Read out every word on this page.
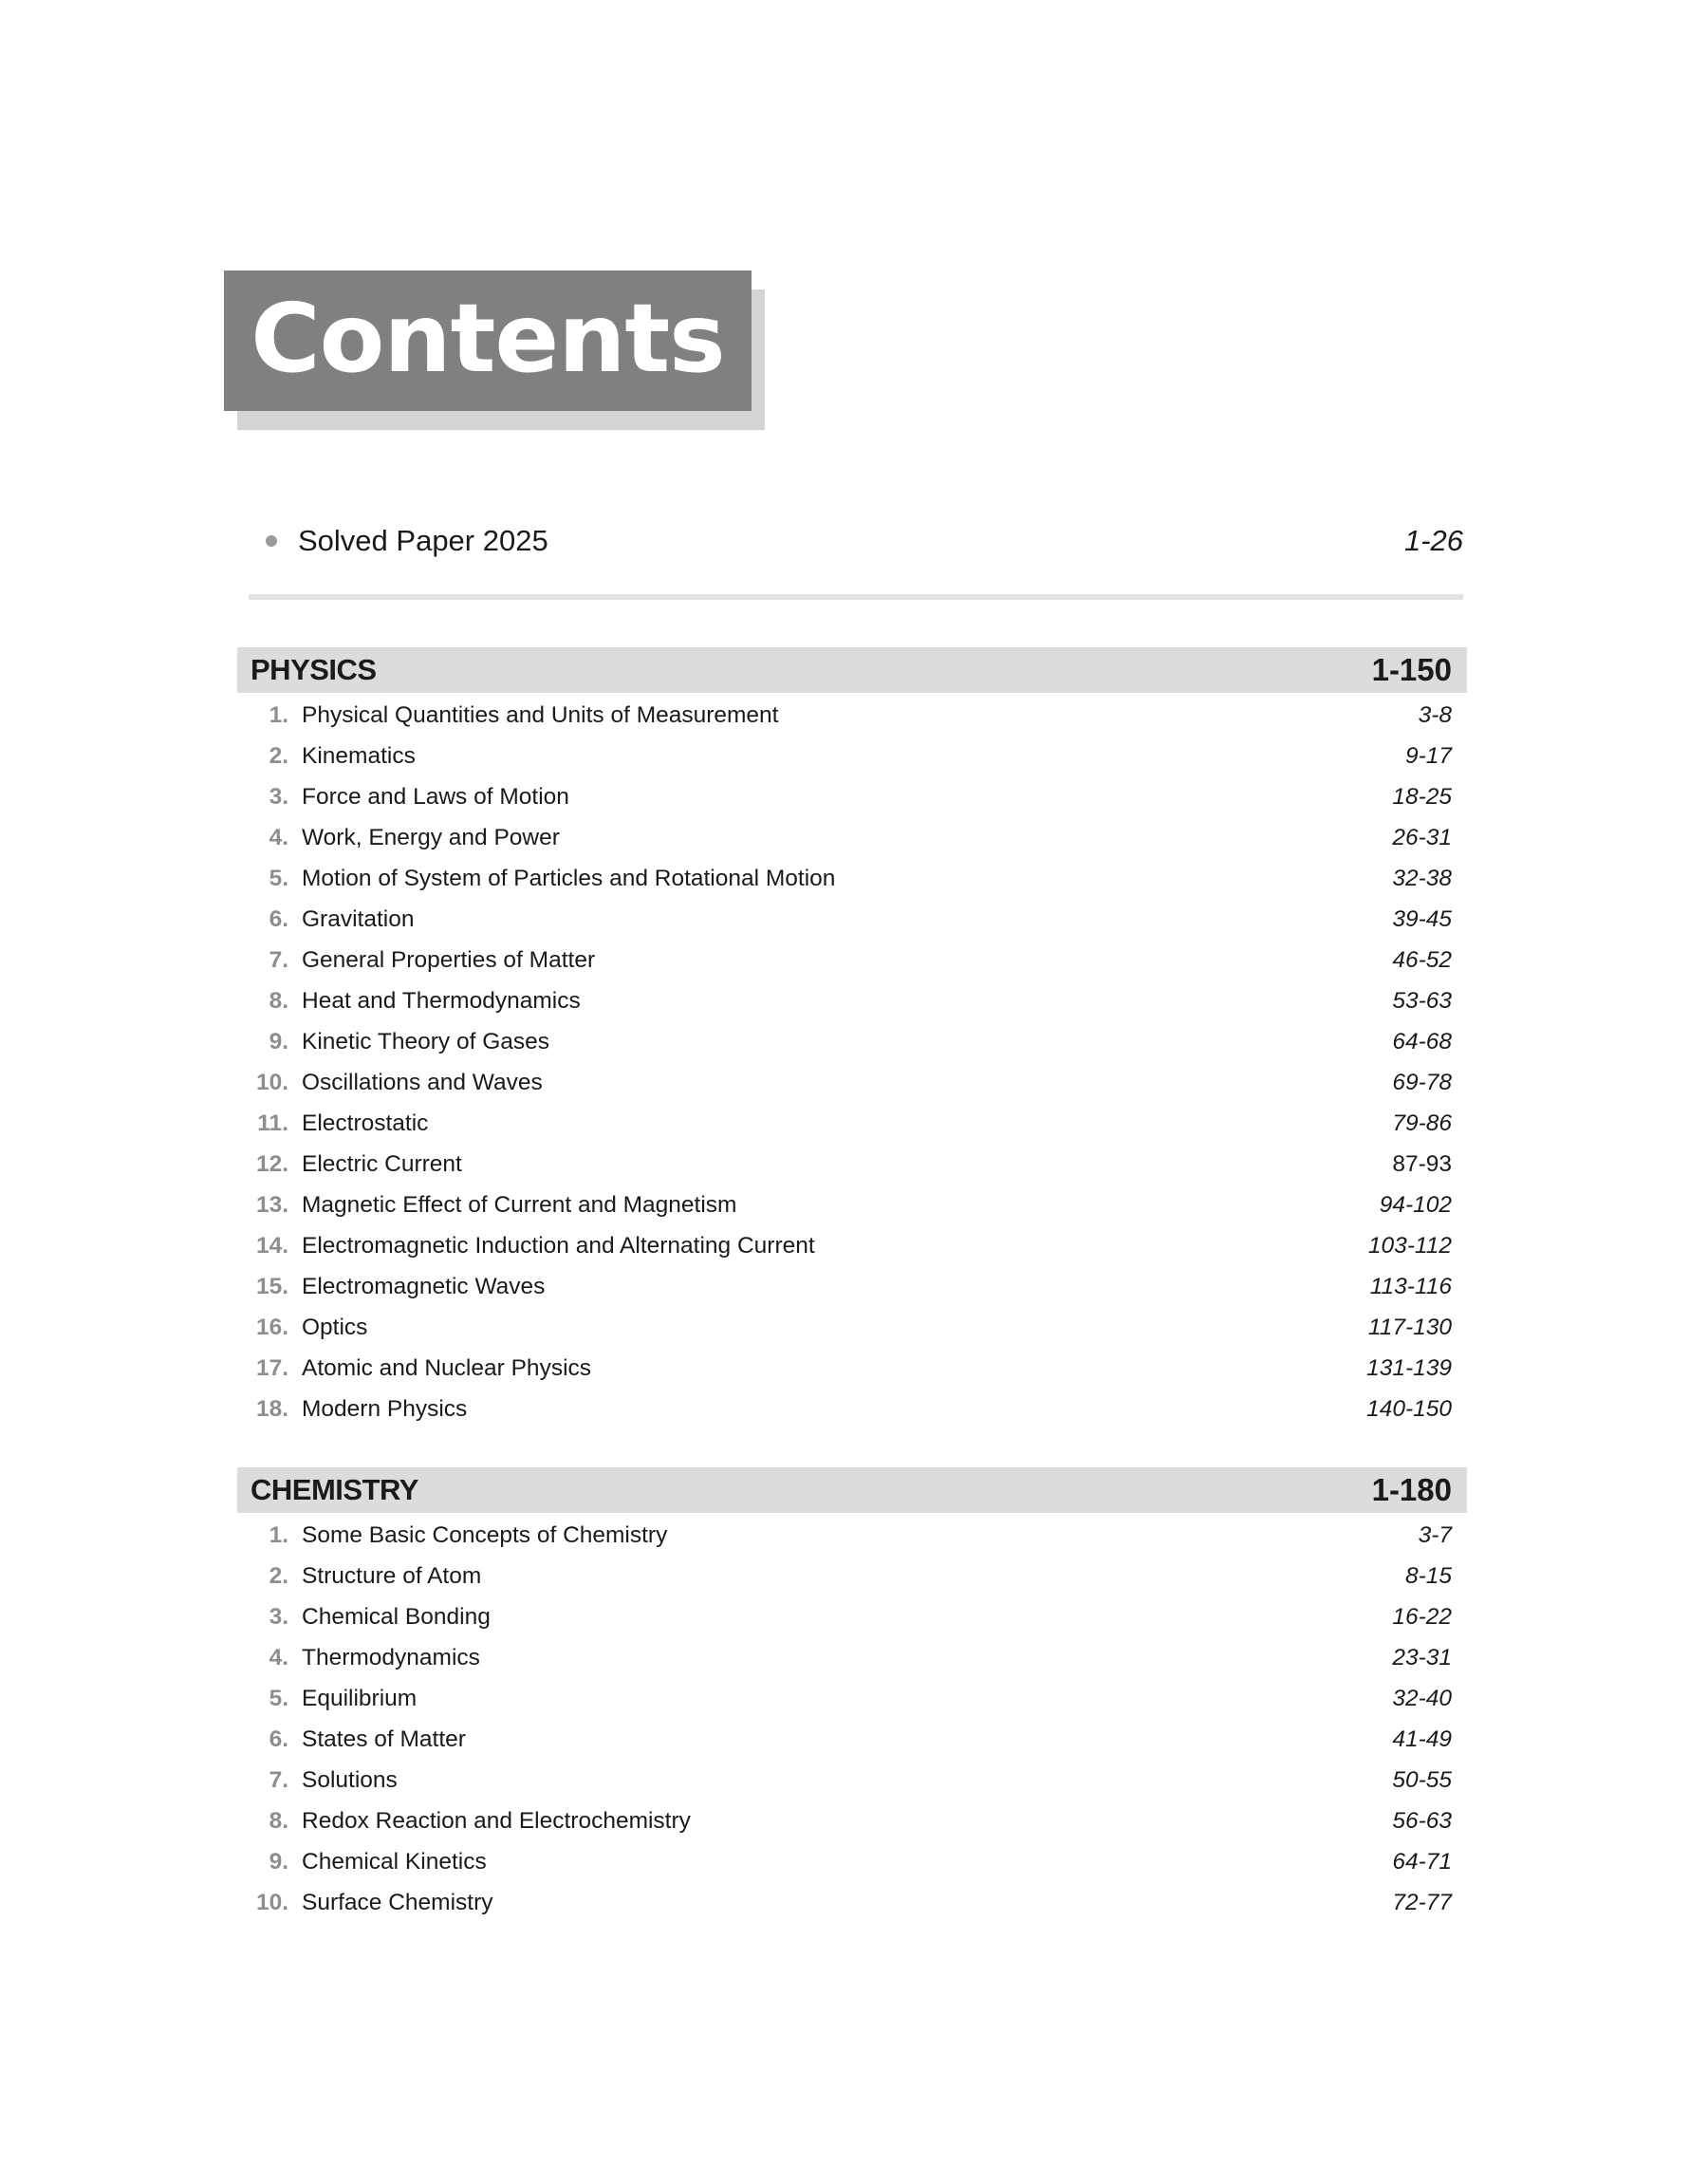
Contents
Solved Paper 2025	1-26
PHYSICS	1-150
1. Physical Quantities and Units of Measurement	3-8
2. Kinematics	9-17
3. Force and Laws of Motion	18-25
4. Work, Energy and Power	26-31
5. Motion of System of Particles and Rotational Motion	32-38
6. Gravitation	39-45
7. General Properties of Matter	46-52
8. Heat and Thermodynamics	53-63
9. Kinetic Theory of Gases	64-68
10. Oscillations and Waves	69-78
11. Electrostatic	79-86
12. Electric Current	87-93
13. Magnetic Effect of Current and Magnetism	94-102
14. Electromagnetic Induction and Alternating Current	103-112
15. Electromagnetic Waves	113-116
16. Optics	117-130
17. Atomic and Nuclear Physics	131-139
18. Modern Physics	140-150
CHEMISTRY	1-180
1. Some Basic Concepts of Chemistry	3-7
2. Structure of Atom	8-15
3. Chemical Bonding	16-22
4. Thermodynamics	23-31
5. Equilibrium	32-40
6. States of Matter	41-49
7. Solutions	50-55
8. Redox Reaction and Electrochemistry	56-63
9. Chemical Kinetics	64-71
10. Surface Chemistry	72-77
